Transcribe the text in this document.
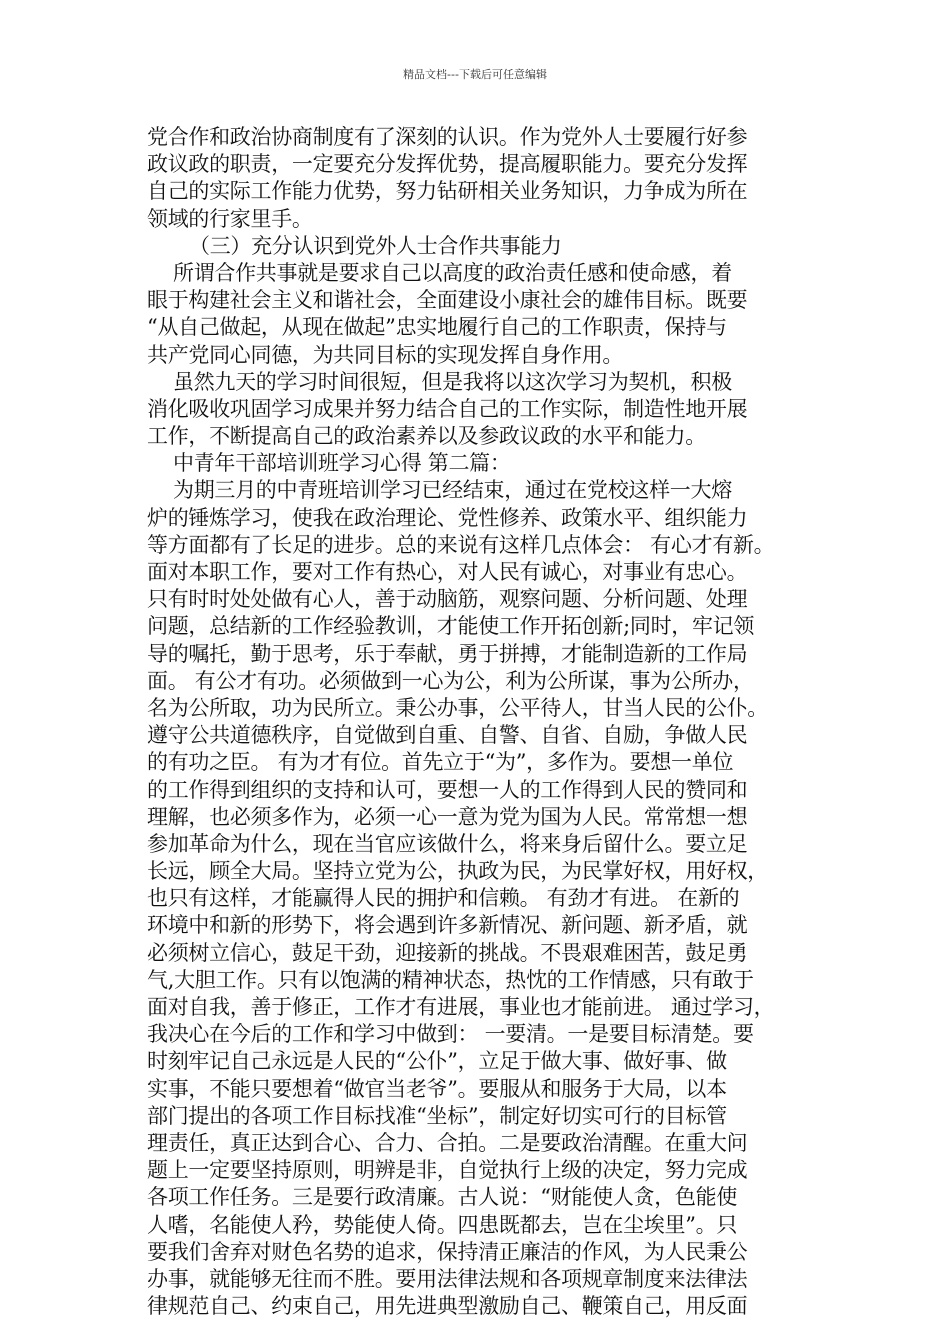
精品文档---下载后可任意编辑
党合作和政治协商制度有了深刻的认识。作为党外人士要履行好参
政议政的职责，一定要充分发挥优势，提高履职能力。要充分发挥
自己的实际工作能力优势，努力钻研相关业务知识，力争成为所在
领域的行家里手。
（三）充分认识到党外人士合作共事能力
所谓合作共事就是要求自己以高度的政治责任感和使命感，着
眼于构建社会主义和谐社会，全面建设小康社会的雄伟目标。既要
“从自己做起，从现在做起”忠实地履行自己的工作职责，保持与
共产党同心同德，为共同目标的实现发挥自身作用。
虽然九天的学习时间很短，但是我将以这次学习为契机，积极
消化吸收巩固学习成果并努力结合自己的工作实际，制造性地开展
工作，不断提高自己的政治素养以及参政议政的水平和能力。
中青年干部培训班学习心得 第二篇：
为期三月的中青班培训学习已经结束，通过在党校这样一大熔
炉的锤炼学习，使我在政治理论、党性修养、政策水平、组织能力
等方面都有了长足的进步。总的来说有这样几点体会： 有心才有新。
面对本职工作，要对工作有热心，对人民有诚心，对事业有忠心。
只有时时处处做有心人，善于动脑筋，观察问题、分析问题、处理
问题，总结新的工作经验教训，才能使工作开拓创新;同时，牢记领
导的嘱托，勤于思考，乐于奉献，勇于拼搏，才能制造新的工作局
面。 有公才有功。必须做到一心为公，利为公所谋，事为公所办，
名为公所取，功为民所立。秉公办事，公平待人，甘当人民的公仆。
遵守公共道德秩序，自觉做到自重、自警、自省、自励，争做人民
的有功之臣。 有为才有位。首先立于“为”，多作为。要想一单位
的工作得到组织的支持和认可，要想一人的工作得到人民的赞同和
理解，也必须多作为，必须一心一意为党为国为人民。常常想一想
参加革命为什么，现在当官应该做什么，将来身后留什么。要立足
长远，顾全大局。坚持立党为公，执政为民，为民掌好权，用好权，
也只有这样，才能赢得人民的拥护和信赖。 有劲才有进。 在新的
环境中和新的形势下，将会遇到许多新情况、新问题、新矛盾，就
必须树立信心，鼓足干劲，迎接新的挑战。不畏艰难困苦，鼓足勇
气,大胆工作。只有以饱满的精神状态，热忱的工作情感，只有敢于
面对自我，善于修正，工作才有进展，事业也才能前进。 通过学习，
我决心在今后的工作和学习中做到： 一要清。一是要目标清楚。要
时刻牢记自己永远是人民的“公仆”，立足于做大事、做好事、做
实事，不能只要想着“做官当老爷”。要服从和服务于大局，以本
部门提出的各项工作目标找准“坐标”，制定好切实可行的目标管
理责任，真正达到合心、合力、合拍。二是要政治清醒。在重大问
题上一定要坚持原则，明辨是非，自觉执行上级的决定，努力完成
各项工作任务。三是要行政清廉。古人说：“财能使人贪，色能使
人嗜，名能使人矜，势能使人倚。四患既都去，岂在尘埃里”。只
要我们舍弃对财色名势的追求，保持清正廉洁的作风，为人民秉公
办事，就能够无往而不胜。要用法律法规和各项规章制度来法律法
律规范自己、约束自己，用先进典型激励自己、鞭策自己，用反面
